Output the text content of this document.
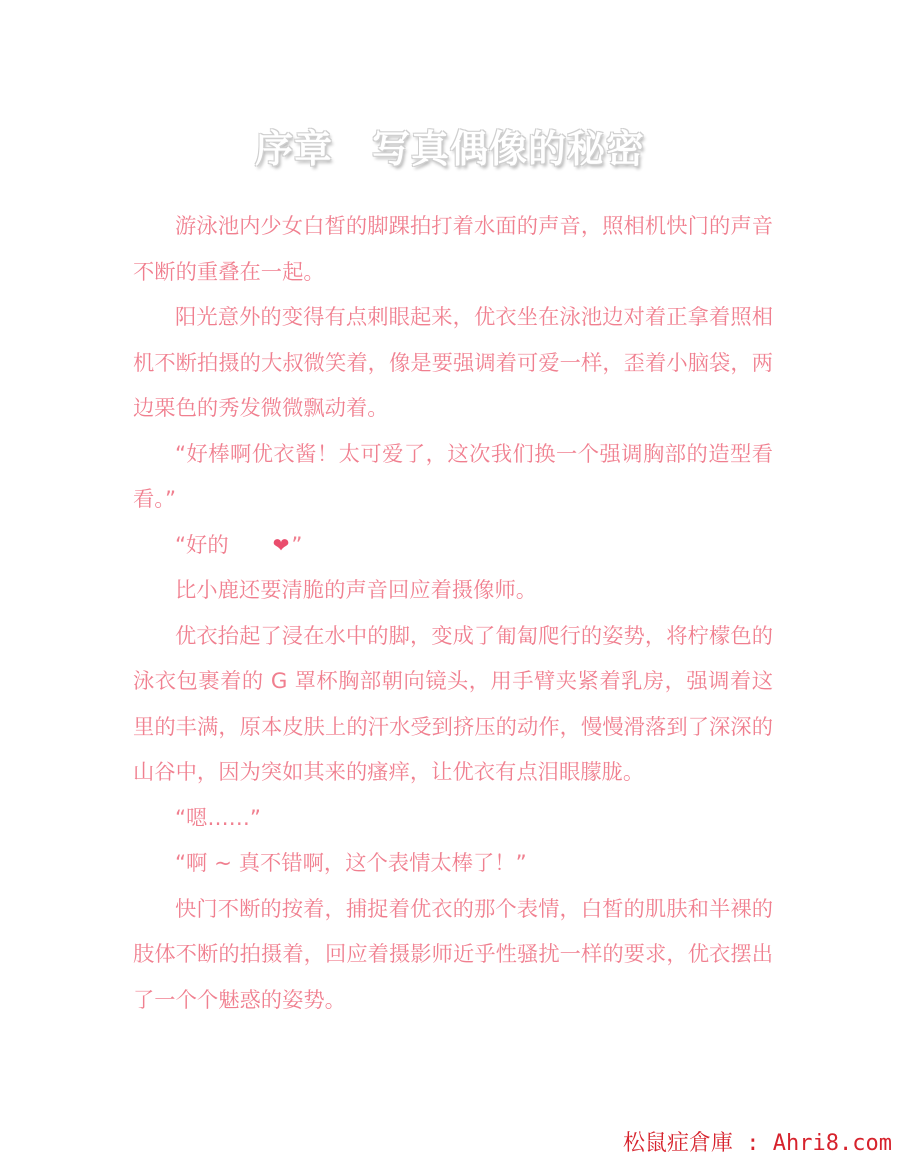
序章　写真偶像的秘密

游泳池内少女白皙的脚踝拍打着水面的声音，照相机快门的声音不断的重叠在一起。

阳光意外的变得有点刺眼起来，优衣坐在泳池边对着正拿着照相机不断拍摄的大叔微笑着，像是要强调着可爱一样，歪着小脑袋，两边栗色的秀发微微飘动着。

“好棒啊优衣酱！太可爱了，这次我们换一个强调胸部的造型看看。”

“好的 ❤”

比小鹿还要清脆的声音回应着摄像师。

优衣抬起了浸在水中的脚，变成了匍匐爬行的姿势，将柠檬色的泳衣包裹着的 G 罩杯胸部朝向镜头，用手臂夹紧着乳房，强调着这里的丰满，原本皮肤上的汗水受到挤压的动作，慢慢滑落到了深深的山谷中，因为突如其来的瘙痒，让优衣有点泪眼朦胧。

“嗯……”

“啊 ~ 真不错啊，这个表情太棒了！”

快门不断的按着，捕捉着优衣的那个表情，白皙的肌肤和半裸的肢体不断的拍摄着，回应着摄影师近乎性骚扰一样的要求，优衣摆出了一个个魅惑的姿势。

松鼠症倉庫 : Ahri8.com
